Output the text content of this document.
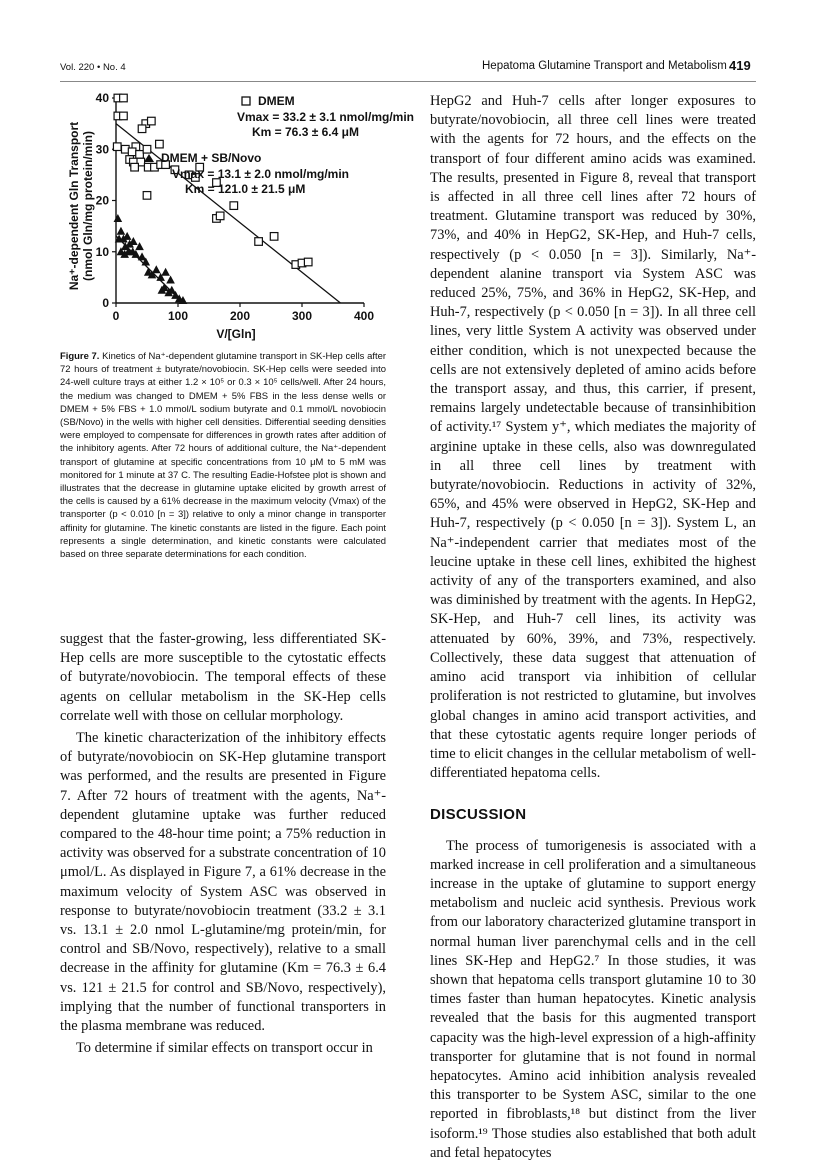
Vol. 220 • No. 4	Hepatoma Glutamine Transport and Metabolism 419
0	100	200	300	400
0
10
20
30
40
V/[Gln]
Na⁺-dependent Gln Transport (nmol Gln/mg protein/min)
DMEM
Vmax = 33.2 ± 3.1 nmol/mg/min
Km = 76.3 ± 6.4 μM
DMEM + SB/Novo
Vmax = 13.1 ± 2.0 nmol/mg/min
Km = 121.0 ± 21.5 μM
Figure 7. Kinetics of Na⁺-dependent glutamine transport in SK-Hep cells after 72 hours of treatment ± butyrate/novobiocin. SK-Hep cells were seeded into 24-well culture trays at either 1.2 × 10⁵ or 0.3 × 10⁵ cells/well. After 24 hours, the medium was changed to DMEM + 5% FBS in the less dense wells or DMEM + 5% FBS + 1.0 mmol/L sodium butyrate and 0.1 mmol/L novobiocin (SB/Novo) in the wells with higher cell densities. Differential seeding densities were employed to compensate for differences in growth rates after addition of the inhibitory agents. After 72 hours of additional culture, the Na⁺-dependent transport of glutamine at specific concentrations from 10 μM to 5 mM was monitored for 1 minute at 37 C. The resulting Eadie-Hofstee plot is shown and illustrates that the decrease in glutamine uptake elicited by growth arrest of the cells is caused by a 61% decrease in the maximum velocity (Vmax) of the transporter (p < 0.010 [n = 3]) relative to only a minor change in transporter affinity for glutamine. The kinetic constants are listed in the figure. Each point represents a single determination, and kinetic constants were calculated based on three separate determinations for each condition.

suggest that the faster-growing, less differentiated SK-Hep cells are more susceptible to the cytostatic effects of butyrate/novobiocin. The temporal effects of these agents on cellular metabolism in the SK-Hep cells correlate well with those on cellular morphology.

The kinetic characterization of the inhibitory effects of butyrate/novobiocin on SK-Hep glutamine transport was performed, and the results are presented in Figure 7. After 72 hours of treatment with the agents, Na⁺-dependent glutamine uptake was further reduced compared to the 48-hour time point; a 75% reduction in activity was observed for a substrate concentration of 10 μmol/L. As displayed in Figure 7, a 61% decrease in the maximum velocity of System ASC was observed in response to butyrate/novobiocin treatment (33.2 ± 3.1 vs. 13.1 ± 2.0 nmol L-glutamine/mg protein/min, for control and SB/Novo, respectively), relative to a small decrease in the affinity for glutamine (Km = 76.3 ± 6.4 vs. 121 ± 21.5 for control and SB/Novo, respectively), implying that the number of functional transporters in the plasma membrane was reduced.

To determine if similar effects on transport occur in

HepG2 and Huh-7 cells after longer exposures to butyrate/novobiocin, all three cell lines were treated with the agents for 72 hours, and the effects on the transport of four different amino acids was examined. The results, presented in Figure 8, reveal that transport is affected in all three cell lines after 72 hours of treatment. Glutamine transport was reduced by 30%, 73%, and 40% in HepG2, SK-Hep, and Huh-7 cells, respectively (p < 0.050 [n = 3]). Similarly, Na⁺-dependent alanine transport via System ASC was reduced 25%, 75%, and 36% in HepG2, SK-Hep, and Huh-7, respectively (p < 0.050 [n = 3]). In all three cell lines, very little System A activity was observed under either condition, which is not unexpected because the cells are not extensively depleted of amino acids before the transport assay, and thus, this carrier, if present, remains largely undetectable because of transinhibition of activity.¹⁷ System y⁺, which mediates the majority of arginine uptake in these cells, also was downregulated in all three cell lines by treatment with butyrate/novobiocin. Reductions in activity of 32%, 65%, and 45% were observed in HepG2, SK-Hep and Huh-7, respectively (p < 0.050 [n = 3]). System L, an Na⁺-independent carrier that mediates most of the leucine uptake in these cell lines, exhibited the highest activity of any of the transporters examined, and also was diminished by treatment with the agents. In HepG2, SK-Hep, and Huh-7 cell lines, its activity was attenuated by 60%, 39%, and 73%, respectively. Collectively, these data suggest that attenuation of amino acid transport via inhibition of cellular proliferation is not restricted to glutamine, but involves global changes in amino acid transport activities, and that these cytostatic agents require longer periods of time to elicit changes in the cellular metabolism of well-differentiated hepatoma cells.

DISCUSSION

The process of tumorigenesis is associated with a marked increase in cell proliferation and a simultaneous increase in the uptake of glutamine to support energy metabolism and nucleic acid synthesis. Previous work from our laboratory characterized glutamine transport in normal human liver parenchymal cells and in the cell lines SK-Hep and HepG2.⁷ In those studies, it was shown that hepatoma cells transport glutamine 10 to 30 times faster than human hepatocytes. Kinetic analysis revealed that the basis for this augmented transport capacity was the high-level expression of a high-affinity transporter for glutamine that is not found in normal hepatocytes. Amino acid inhibition analysis revealed this transporter to be System ASC, similar to the one reported in fibroblasts,¹⁸ but distinct from the liver isoform.¹⁹ Those studies also established that both adult and fetal hepatocytes
